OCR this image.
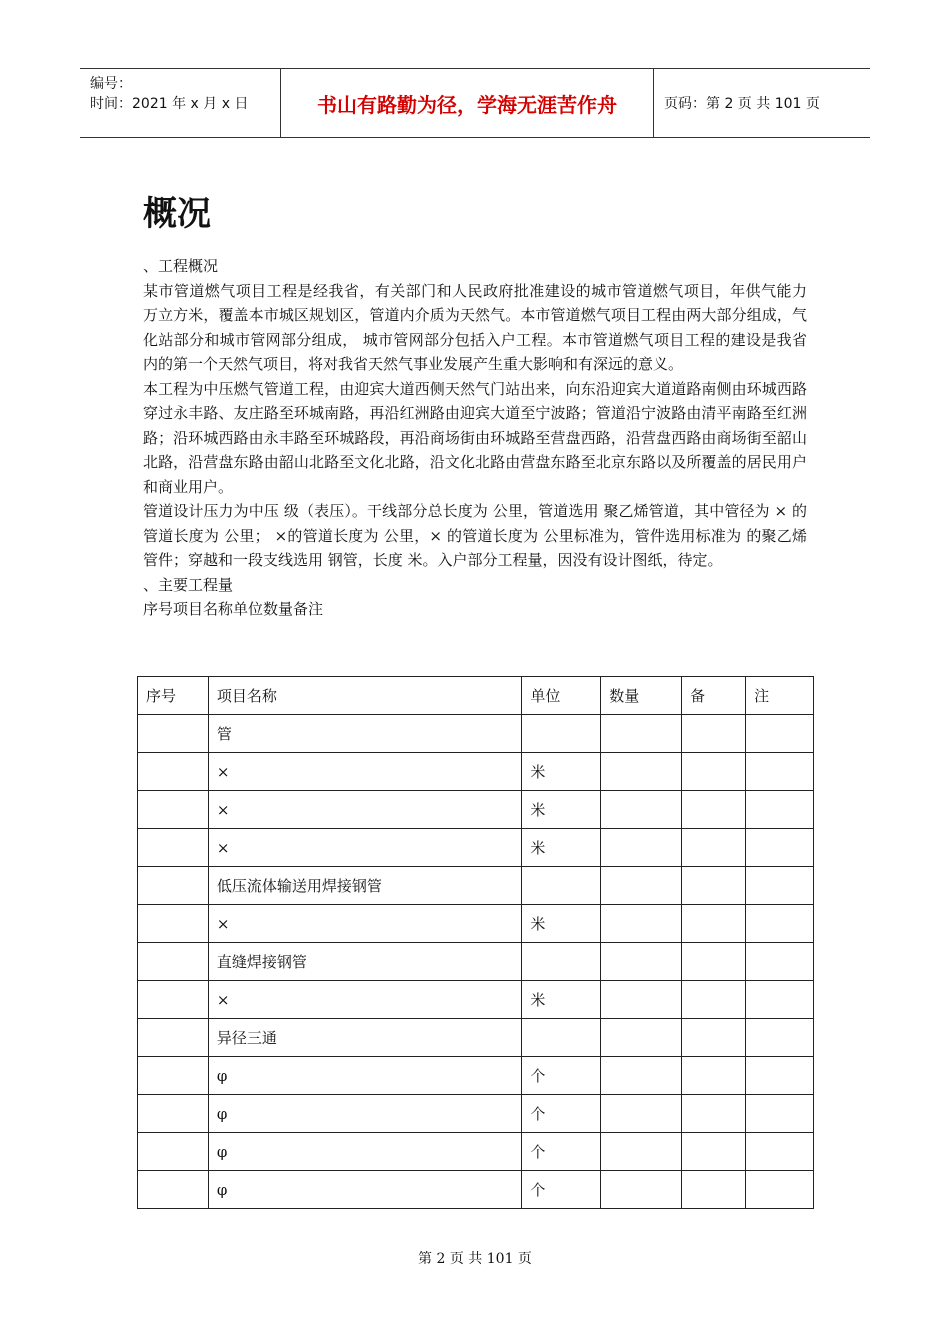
编号：
时间：2021 年 x 月 x 日	书山有路勤为径，学海无涯苦作舟	页码：第 2 页 共 101 页
概况

、工程概况

某市管道燃气项目工程是经我省，有关部门和人民政府批准建设的城市管道燃气项目，年供气能力 万立方米，覆盖本市城区规划区，管道内介质为天然气。本市管道燃气项目工程由两大部分组成，气化站部分和城市管网部分组成， 城市管网部分包括入户工程。本市管道燃气项目工程的建设是我省内的第一个天然气项目，将对我省天然气事业发展产生重大影响和有深远的意义。

本工程为中压燃气管道工程，由迎宾大道西侧天然气门站出来，向东沿迎宾大道道路南侧由环城西路穿过永丰路、友庄路至环城南路，再沿红洲路由迎宾大道至宁波路；管道沿宁波路由清平南路至红洲路；沿环城西路由永丰路至环城路段，再沿商场街由环城路至营盘西路，沿营盘西路由商场街至韶山北路，沿营盘东路由韶山北路至文化北路，沿文化北路由营盘东路至北京东路以及所覆盖的居民用户和商业用户。

管道设计压力为中压 级（表压）。干线部分总长度为 公里，管道选用 聚乙烯管道，其中管径为 × 的管道长度为 公里； ×的管道长度为 公里，× 的管道长度为 公里标准为，管件选用标准为 的聚乙烯管件；穿越和一段支线选用 钢管，长度 米。入户部分工程量，因没有设计图纸，待定。

、主要工程量

序号项目名称单位数量备注

序号	项目名称	单位	数量	备	注
	管				
	×	米			
	×	米			
	×	米			
	低压流体输送用焊接钢管				
	×	米			
	直缝焊接钢管				
	×	米			
	异径三通				
	φ	个			
	φ	个			
	φ	个			
	φ	个			
第 2 页 共 101 页
